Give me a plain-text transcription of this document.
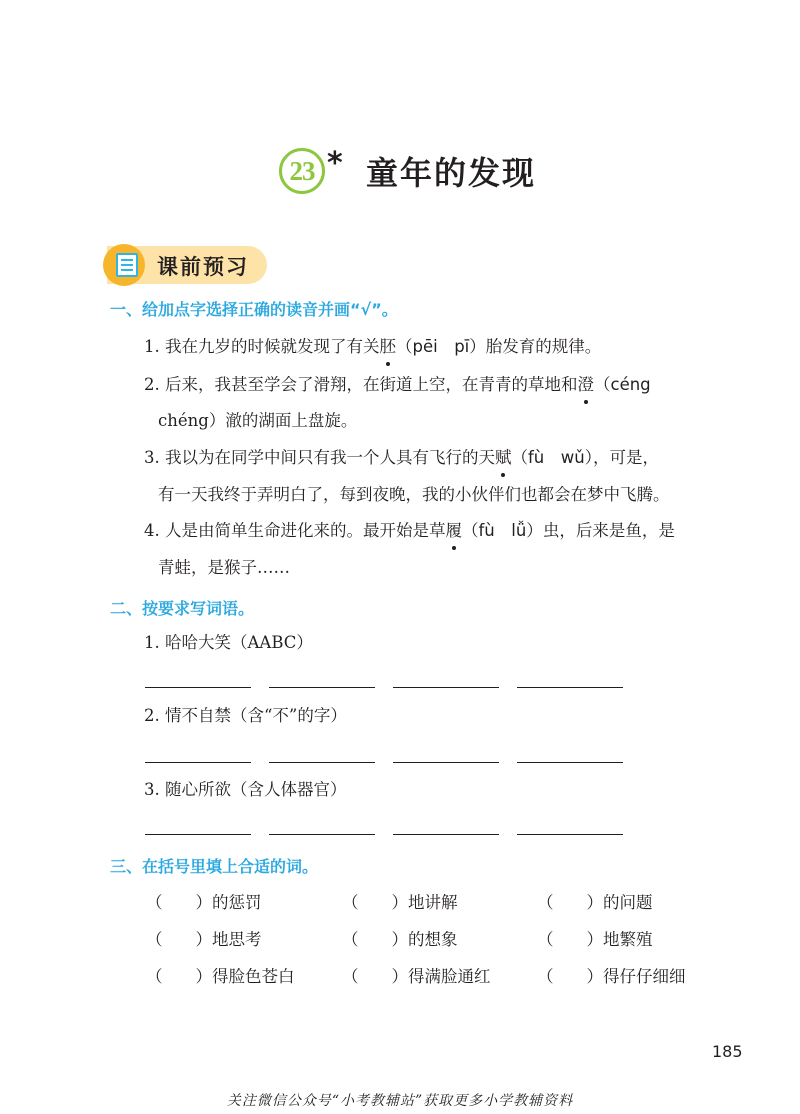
23 * 童年的发现
课前预习
一、给加点字选择正确的读音并画“√”。
1. 我在九岁的时候就发现了有关胚（pēi　pī）胎发育的规律。
2. 后来，我甚至学会了滑翔，在街道上空，在青青的草地和澄（céng
chéng）澈的湖面上盘旋。
3. 我以为在同学中间只有我一个人具有飞行的天赋（fù　wǔ），可是，
有一天我终于弄明白了，每到夜晚，我的小伙伴们也都会在梦中飞腾。
4. 人是由简单生命进化来的。最开始是草履（fù　lǚ）虫，后来是鱼，是
青蛙，是猴子……
二、按要求写词语。
1. 哈哈大笑（AABC）
2. 情不自禁（含“不”的字）
3. 随心所欲（含人体器官）
三、在括号里填上合适的词。
（　　）的惩罚	（　　）地讲解	（　　）的问题
（　　）地思考	（　　）的想象	（　　）地繁殖
（　　）得脸色苍白	（　　）得满脸通红	（　　）得仔仔细细
185
关注微信公众号“小考教辅站”获取更多小学教辅资料
